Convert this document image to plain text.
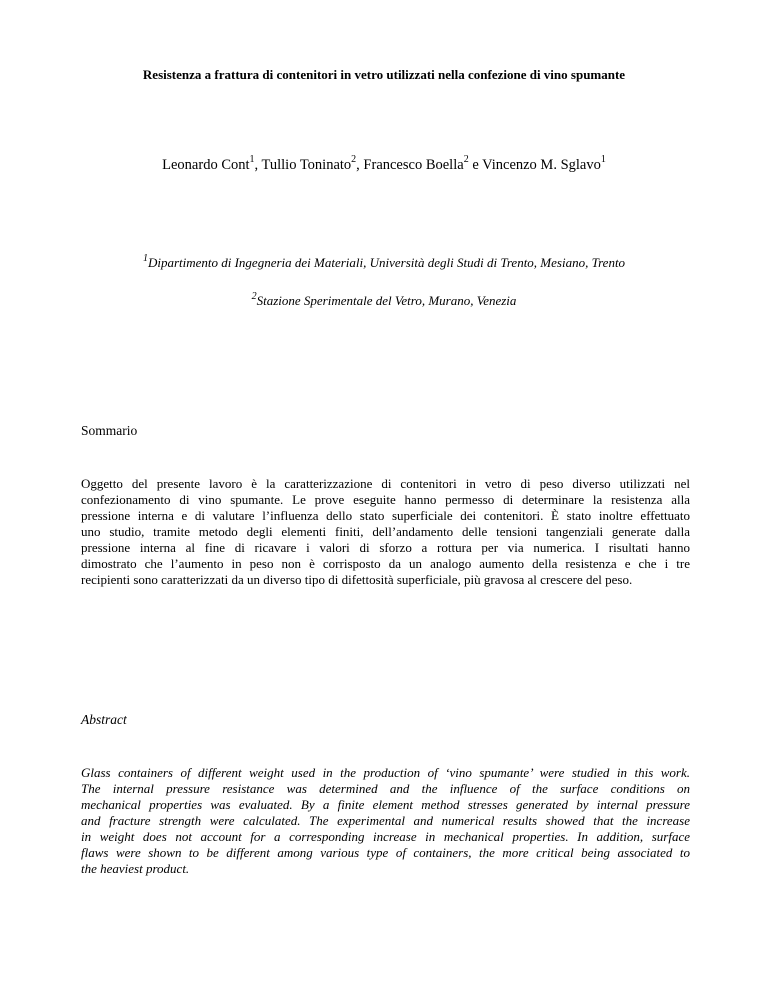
Resistenza a frattura di contenitori in vetro utilizzati nella confezione di vino spumante
Leonardo Cont$^1$, Tullio Toninato$^2$, Francesco Boella$^2$ e Vincenzo M. Sglavo$^1$
$^1$Dipartimento di Ingegneria dei Materiali, Università degli Studi di Trento, Mesiano, Trento
$^2$Stazione Sperimentale del Vetro, Murano, Venezia
Sommario
Oggetto del presente lavoro è la caratterizzazione di contenitori in vetro di peso diverso utilizzati nel
confezionamento di vino spumante. Le prove eseguite hanno permesso di determinare la resistenza alla
pressione interna e di valutare l’influenza dello stato superficiale dei contenitori. È stato inoltre effettuato
uno studio, tramite metodo degli elementi finiti, dell’andamento delle tensioni tangenziali generate dalla
pressione interna al fine di ricavare i valori di sforzo a rottura per via numerica. I risultati hanno
dimostrato che l’aumento in peso non è corrisposto da un analogo aumento della resistenza e che i tre
recipienti sono caratterizzati da un diverso tipo di difettosità superficiale, più gravosa al crescere del peso.
Abstract
Glass containers of different weight used in the production of ‘vino spumante’ were studied in this work.
The internal pressure resistance was determined and the influence of the surface conditions on
mechanical properties was evaluated. By a finite element method stresses generated by internal pressure
and fracture strength were calculated. The experimental and numerical results showed that the increase
in weight does not account for a corresponding increase in mechanical properties. In addition, surface
flaws were shown to be different among various type of containers, the more critical being associated to
the heaviest product.
